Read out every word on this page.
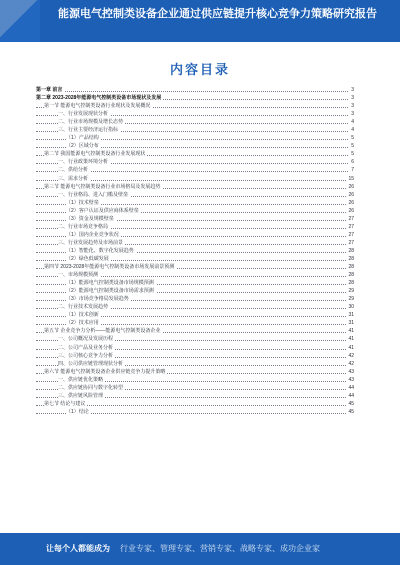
能源电气控制类设备企业通过供应链提升核心竞争力策略研究报告
内容目录
第一章 前言	3
第二章 2023-2028年能源电气控制类设备市场现状及发展	3
第一节 能源电气控制类设备行业现状及发展概况	3
一、行业发展现状分析	3
二、行业市场规模及增长态势	4
三、行业主要经济运行指标	4
（1）产品结构	5
（2）区域分布	5
第二节 我国能源电气控制类设备行业发展现状	5
一、行业政策环境分析	6
二、供给分析	7
三、需求分析	15
第三节 能源电气控制类设备行业市场格局及发展趋势	26
一、行业格局、进入门槛及壁垒	26
（1）技术壁垒	26
（2）客户认证及供应商体系壁垒	26
（3）资金及规模壁垒	27
二、行业市场竞争格局	27
（1）国内企业竞争状况	27
三、行业发展趋势及市场前景	27
（1）智能化、数字化发展趋势	28
（2）绿色低碳发展	28
第四节 2023-2028年能源电气控制类设备市场发展前景预测	28
一、市场规模预测	28
（1）能源电气控制类设备市场规模预测	28
（2）能源电气控制类设备市场需求预测	29
（3）市场竞争格局发展趋势	29
二、行业技术发展趋势	30
（1）技术创新	31
（2）技术应用	31
第五节 企业竞争力分析——能源电气控制类设备企业	41
一、公司概况及发展历程	41
二、公司产品及业务分析	41
三、公司核心竞争力分析	42
四、公司供应链管理现状分析	42
第六节 能源电气控制类设备企业供应链竞争力提升策略	43
一、供应链优化策略	43
二、供应链协同与数字化转型	44
三、供应链风险管理	44
第七节 结论与建议	45
（1）结论	45
让每个人都能成为 行业专家、管理专家、营销专家、战略专家、成功企业家
